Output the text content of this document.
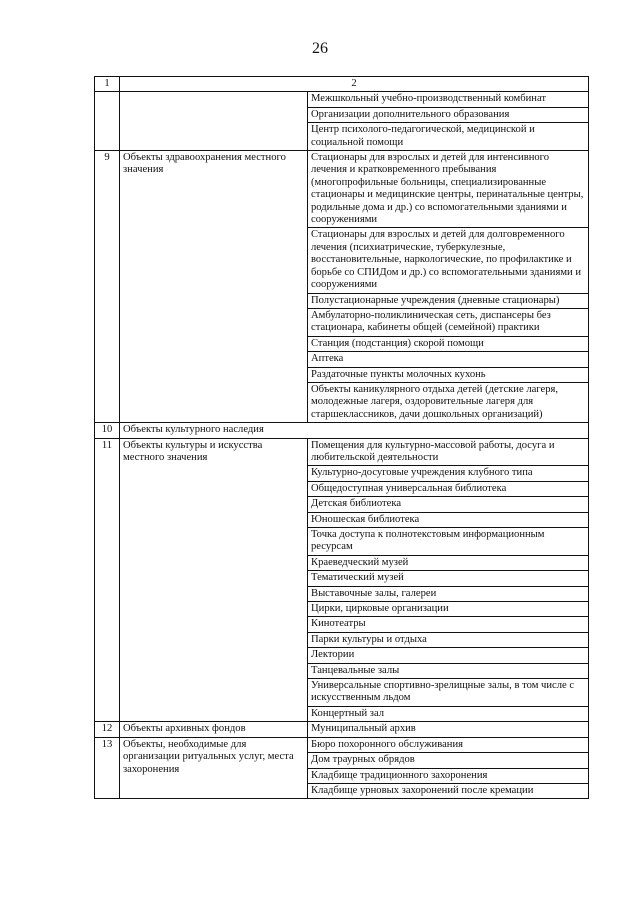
26
1	2	
		Межшкольный учебно-производственный комбинат
		Организации дополнительного образования
		Центр психолого-педагогической, медицинской и социальной помощи
9	Объекты здравоохранения местного значения	Стационары для взрослых и детей для интенсивного лечения и кратковременного пребывания (многопрофильные больницы, специализированные стационары и медицинские центры, перинатальные центры, родильные дома и др.) со вспомогательными зданиями и сооружениями
		Стационары для взрослых и детей для долговременного лечения (психиатрические, туберкулезные, восстановительные, наркологические, по профилактике и борьбе со СПИДом и др.) со вспомогательными зданиями и сооружениями
		Полустационарные учреждения (дневные стационары)
		Амбулаторно-поликлиническая сеть, диспансеры без стационара, кабинеты общей (семейной) практики
		Станция (подстанция) скорой помощи
		Аптека
		Раздаточные пункты молочных кухонь
		Объекты каникулярного отдыха детей (детские лагеря, молодежные лагеря, оздоровительные лагеря для старшеклассников, дачи дошкольных организаций)
10	Объекты культурного наследия	
11	Объекты культуры и искусства местного значения	Помещения для культурно-массовой работы, досуга и любительской деятельности
		Культурно-досуговые учреждения клубного типа
		Общедоступная универсальная библиотека
		Детская библиотека
		Юношеская библиотека
		Точка доступа к полнотекстовым информационным ресурсам
		Краеведческий музей
		Тематический музей
		Выставочные залы, галереи
		Цирки, цирковые организации
		Кинотеатры
		Парки культуры и отдыха
		Лектории
		Танцевальные залы
		Универсальные спортивно-зрелищные залы, в том числе с искусственным льдом
		Концертный зал
12	Объекты архивных фондов	Муниципальный архив
13	Объекты, необходимые для организации ритуальных услуг, места захоронения	Бюро похоронного обслуживания
		Дом траурных обрядов
		Кладбище традиционного захоронения
		Кладбище урновых захоронений после кремации
